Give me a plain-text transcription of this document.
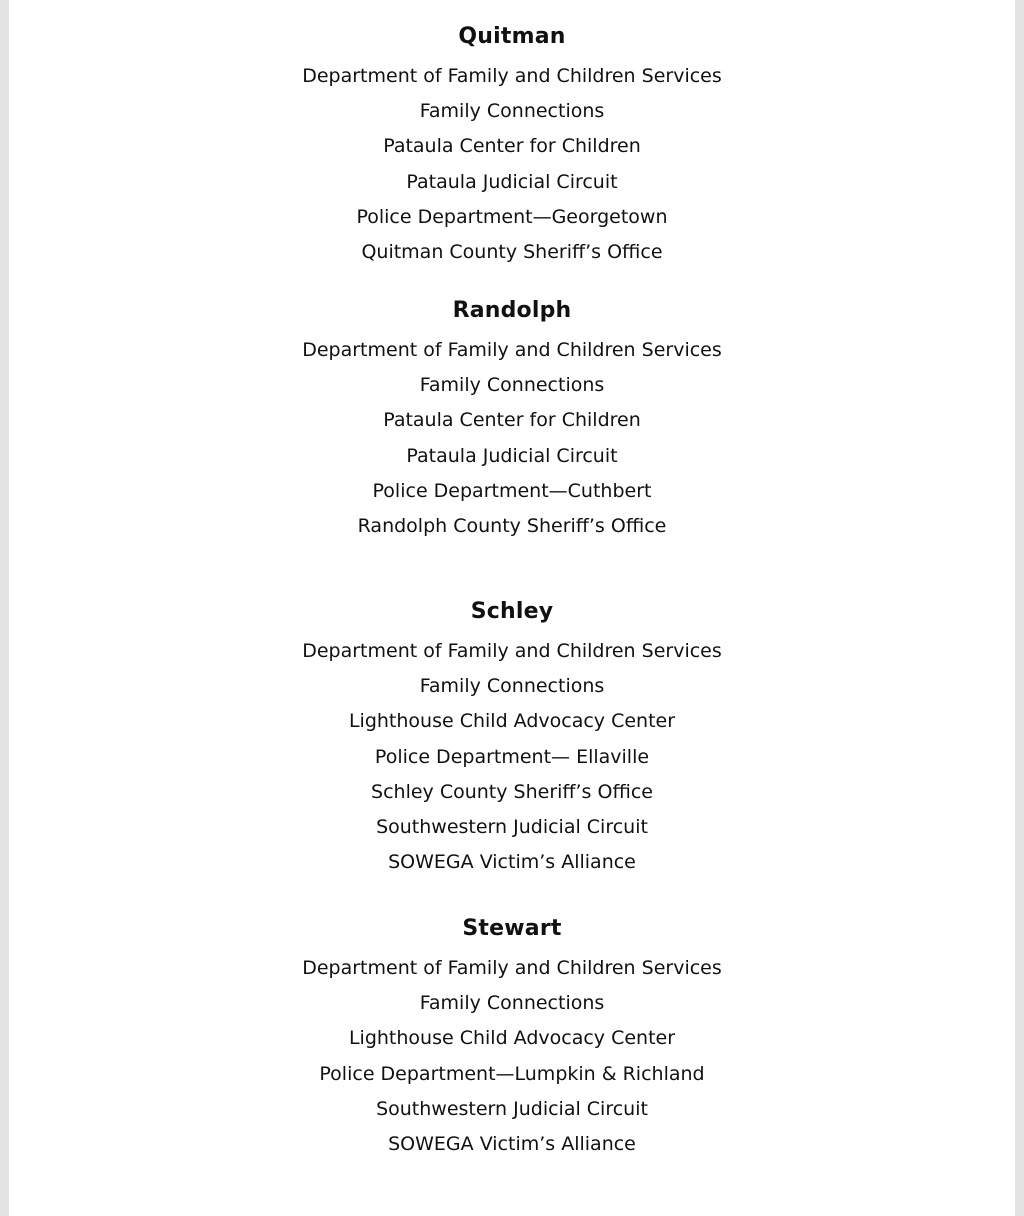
Quitman
Department of Family and Children Services
Family Connections
Pataula Center for Children
Pataula Judicial Circuit
Police Department—Georgetown
Quitman County Sheriff’s Office
Randolph
Department of Family and Children Services
Family Connections
Pataula Center for Children
Pataula Judicial Circuit
Police Department—Cuthbert
Randolph County Sheriff’s Office
Schley
Department of Family and Children Services
Family Connections
Lighthouse Child Advocacy Center
Police Department— Ellaville
Schley County Sheriff’s Office
Southwestern Judicial Circuit
SOWEGA Victim’s Alliance
Stewart
Department of Family and Children Services
Family Connections
Lighthouse Child Advocacy Center
Police Department—Lumpkin & Richland
Southwestern Judicial Circuit
SOWEGA Victim’s Alliance
